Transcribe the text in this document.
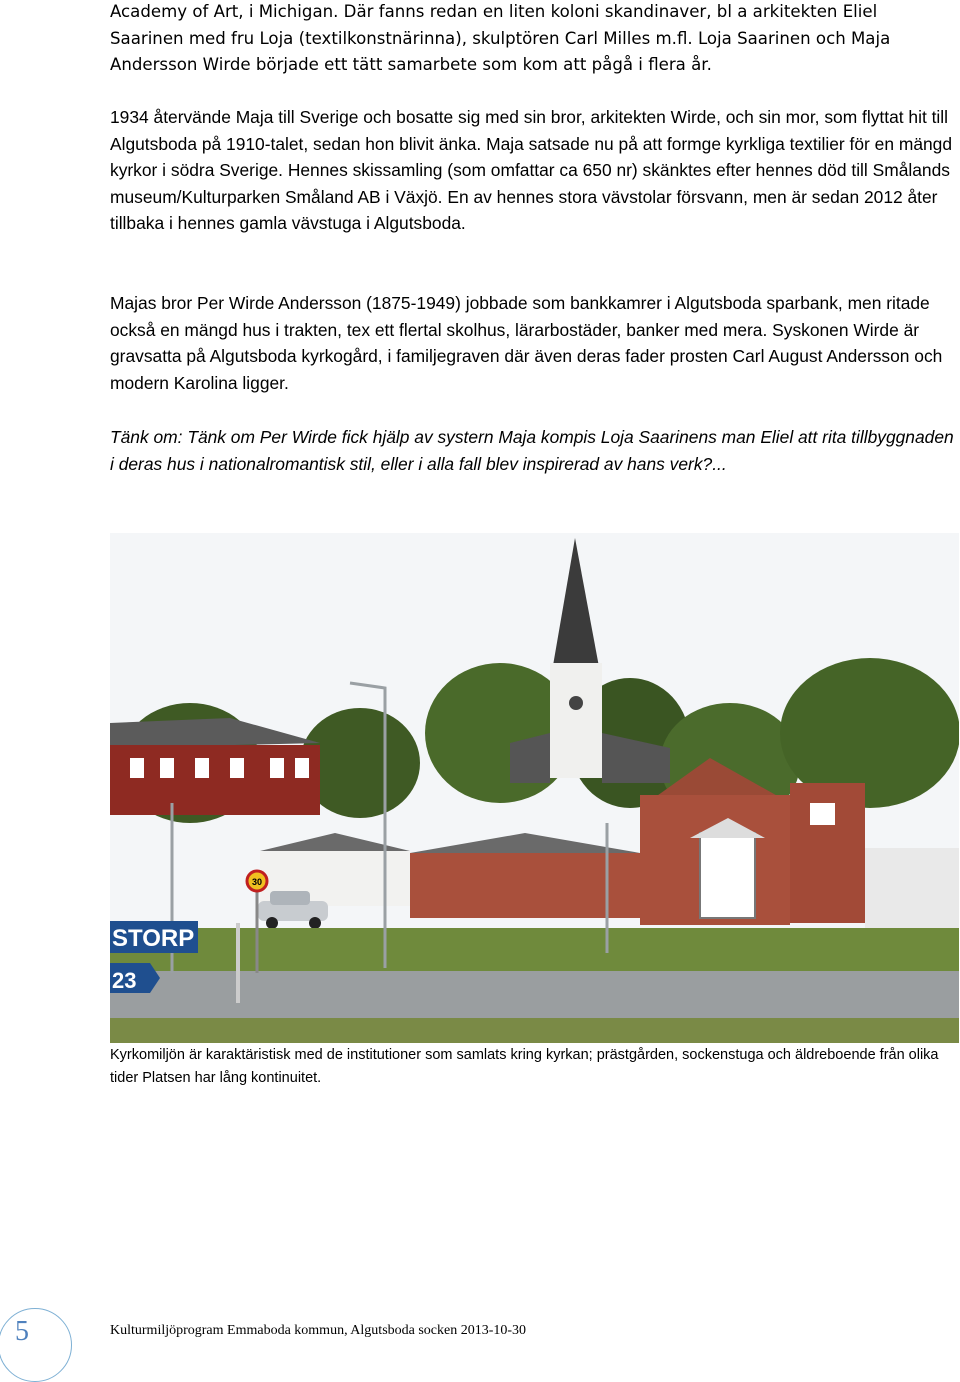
Academy of Art, i Michigan. Där fanns redan en liten koloni skandinaver, bl a arkitekten Eliel Saarinen med fru Loja (textilkonstnärinna), skulptören Carl Milles m.fl. Loja Saarinen och Maja Andersson Wirde började ett tätt samarbete som kom att pågå i flera år.

1934 återvände Maja till Sverige och bosatte sig med sin bror, arkitekten Wirde, och sin mor, som flyttat hit till Algutsboda på 1910-talet, sedan hon blivit änka. Maja satsade nu på att formge kyrkliga textilier för en mängd kyrkor i södra Sverige. Hennes skissamling (som omfattar ca 650 nr) skänktes efter hennes död till Smålands museum/Kulturparken Småland AB i Växjö. En av hennes stora vävstolar försvann, men är sedan 2012 åter tillbaka i hennes gamla vävstuga i Algutsboda.

Majas bror Per Wirde Andersson (1875-1949) jobbade som bankkamrer i Algutsboda sparbank, men ritade också en mängd hus i trakten, tex ett flertal skolhus, lärarbostäder, banker med mera. Syskonen Wirde är gravsatta på Algutsboda kyrkogård, i familjegraven där även deras fader prosten Carl August Andersson och modern Karolina ligger.

Tänk om: Tänk om Per Wirde fick hjälp av systern Maja kompis Loja Saarinens man Eliel att rita tillbyggnaden i deras hus i nationalromantisk stil, eller i alla fall blev inspirerad av hans verk?...

30
STORP
23

Kyrkomiljön är karaktäristisk med de institutioner som samlats kring kyrkan; prästgården, sockenstuga och äldreboende från olika tider Platsen har lång kontinuitet.

5	Kulturmiljöprogram Emmaboda kommun, Algutsboda socken 2013-10-30
